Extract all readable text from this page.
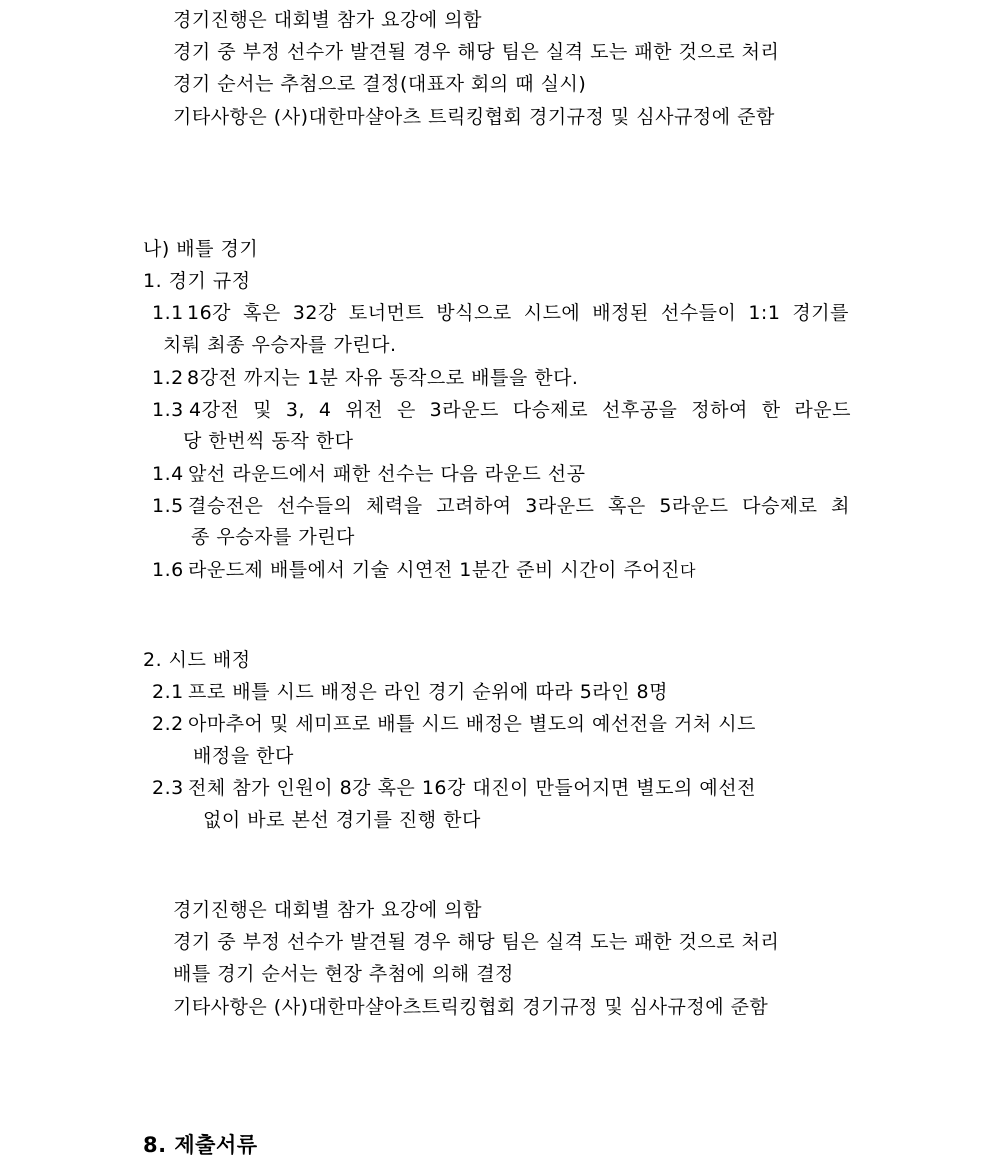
경기진행은 대회별 참가 요강에 의함
경기 중 부정 선수가 발견될 경우 해당 팀은 실격 도는 패한 것으로 처리
경기 순서는 추첨으로 결정(대표자 회의 때 실시)
기타사항은 (사)대한마샬아츠 트릭킹협회 경기규정 및 심사규정에 준함
나) 배틀 경기
1. 경기 규정
1.1 16강 혹은 32강 토너먼트 방식으로 시드에 배정된 선수들이 1:1 경기를
치뤄 최종 우승자를 가린다.
1.2 8강전 까지는 1분 자유 동작으로 배틀을 한다.
1.3 4강전 및 3, 4 위전 은 3라운드 다승제로 선후공을 정하여 한 라운드
당 한번씩 동작 한다
1.4 앞선 라운드에서 패한 선수는 다음 라운드 선공
1.5 결승전은 선수들의 체력을 고려하여 3라운드 혹은 5라운드 다승제로 최
종 우승자를 가린다
1.6 라운드제 배틀에서 기술 시연전 1분간 준비 시간이 주어진다
2. 시드 배정
2.1 프로 배틀 시드 배정은 라인 경기 순위에 따라 5라인 8명
2.2 아마추어 및 세미프로 배틀 시드 배정은 별도의 예선전을 거처 시드
배정을 한다
2.3 전체 참가 인원이 8강 혹은 16강 대진이 만들어지면 별도의 예선전
없이 바로 본선 경기를 진행 한다
경기진행은 대회별 참가 요강에 의함
경기 중 부정 선수가 발견될 경우 해당 팀은 실격 도는 패한 것으로 처리
배틀 경기 순서는 현장 추첨에 의해 결정
기타사항은 (사)대한마샬아츠트릭킹협회 경기규정 및 심사규정에 준함
8. 제출서류
